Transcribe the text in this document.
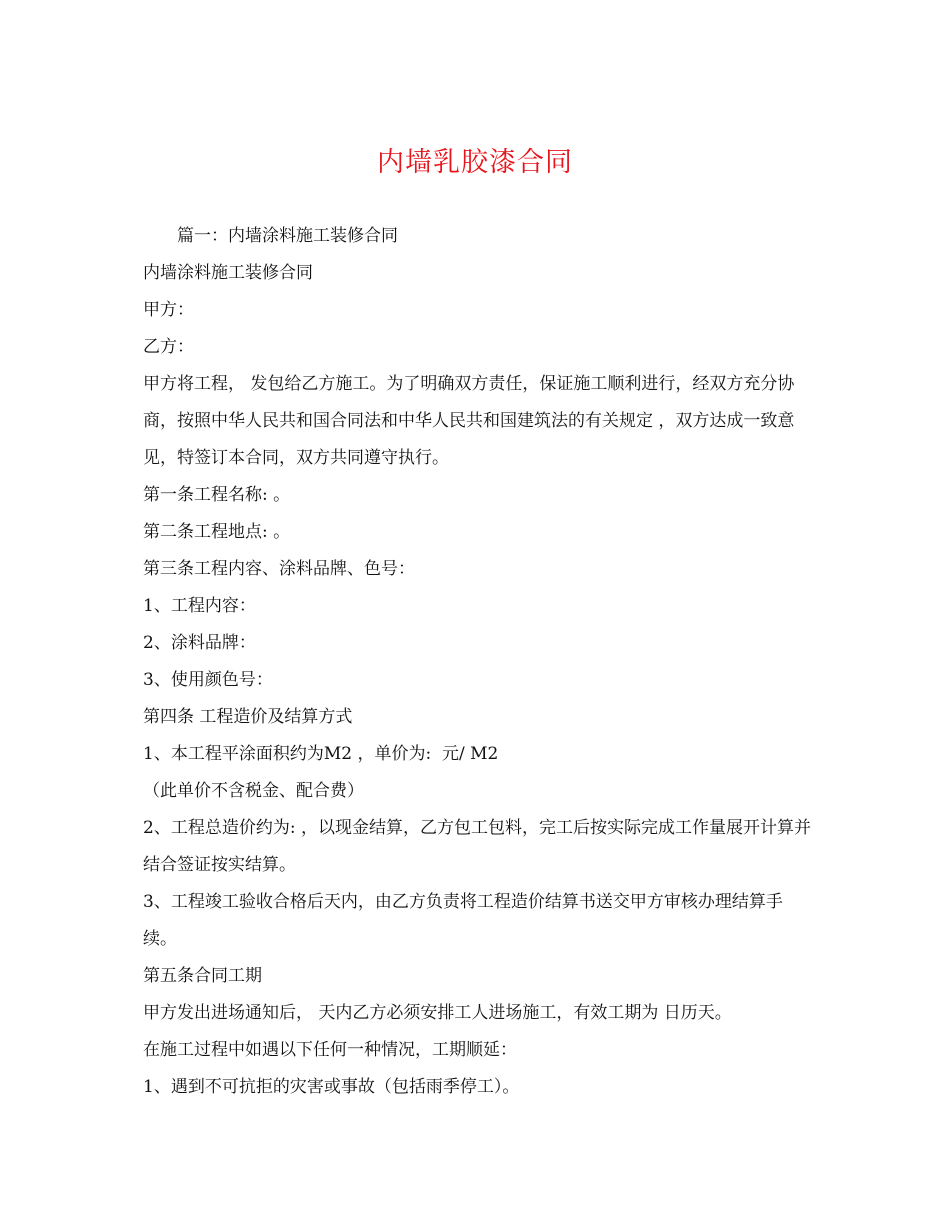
内墙乳胶漆合同

篇一：内墙涂料施工装修合同

内墙涂料施工装修合同

甲方：

乙方：

甲方将工程， 发包给乙方施工。为了明确双方责任，保证施工顺利进行，经双方充分协商，按照中华人民共和国合同法和中华人民共和国建筑法的有关规定 ，双方达成一致意见，特签订本合同，双方共同遵守执行。

第一条工程名称: 。

第二条工程地点: 。

第三条工程内容、涂料品牌、色号：

1、工程内容：

2、涂料品牌：

3、使用颜色号：

第四条 工程造价及结算方式

1、本工程平涂面积约为M2 ，单价为:  元/ M2

（此单价不含税金、配合费）

2、工程总造价约为: ，以现金结算，乙方包工包料，完工后按实际完成工作量展开计算并结合签证按实结算。

3、工程竣工验收合格后天内，由乙方负责将工程造价结算书送交甲方审核办理结算手续。

第五条合同工期

甲方发出进场通知后， 天内乙方必须安排工人进场施工，有效工期为 日历天。

在施工过程中如遇以下任何一种情况，工期顺延：

1、遇到不可抗拒的灾害或事故（包括雨季停工）。
